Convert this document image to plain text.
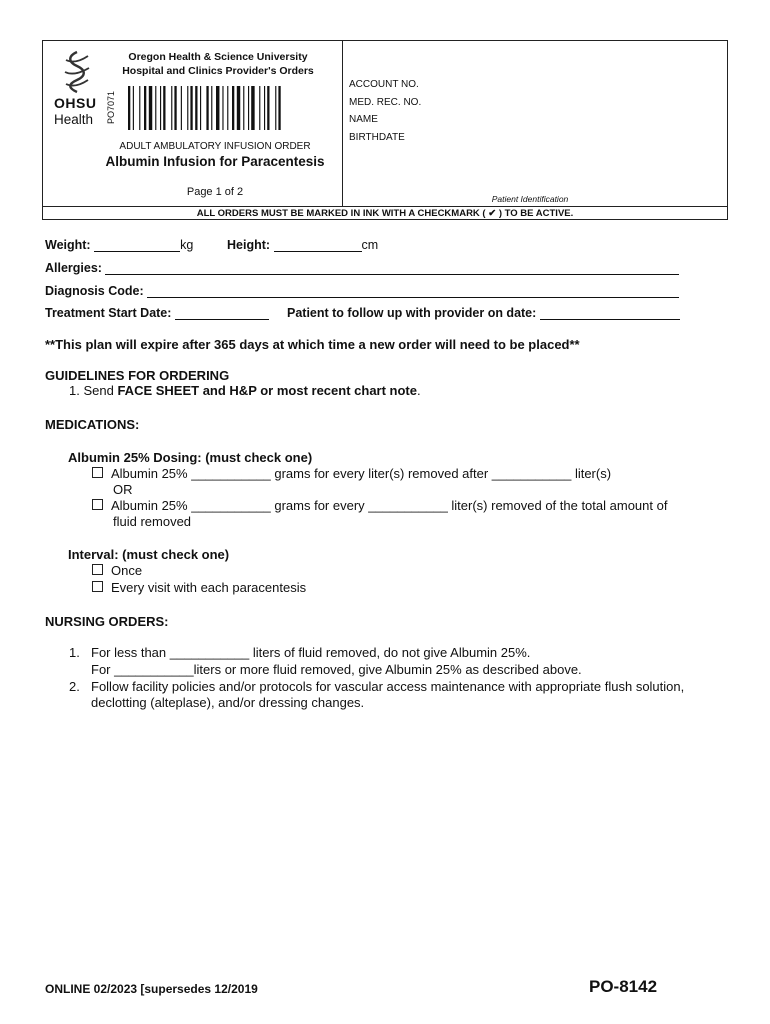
OHSU
Health
Oregon Health & Science University
Hospital and Clinics Provider's Orders
PO7071
ADULT AMBULATORY INFUSION ORDER
Albumin Infusion for Paracentesis
Page 1 of 2
ACCOUNT NO.
MED. REC. NO.
NAME
BIRTHDATE
Patient Identification
ALL ORDERS MUST BE MARKED IN INK WITH A CHECKMARK ( ✔ ) TO BE ACTIVE.
Weight:	kg	Height:	cm
Allergies:
Diagnosis Code:
Treatment Start Date:	Patient to follow up with provider on date:
**This plan will expire after 365 days at which time a new order will need to be placed**
GUIDELINES FOR ORDERING
1. Send FACE SHEET and H&P or most recent chart note.
MEDICATIONS:
Albumin 25% Dosing: (must check one)
Albumin 25% ___________ grams for every liter(s) removed after ___________ liter(s)
OR
Albumin 25% ___________ grams for every ___________ liter(s) removed of the total amount of
fluid removed
Interval: (must check one)
Once
Every visit with each paracentesis
NURSING ORDERS:
1. For less than ___________ liters of fluid removed, do not give Albumin 25%.
For ___________liters or more fluid removed, give Albumin 25% as described above.
2. Follow facility policies and/or protocols for vascular access maintenance with appropriate flush solution,
declotting (alteplase), and/or dressing changes.
ONLINE 02/2023 [supersedes 12/2019	PO-8142
